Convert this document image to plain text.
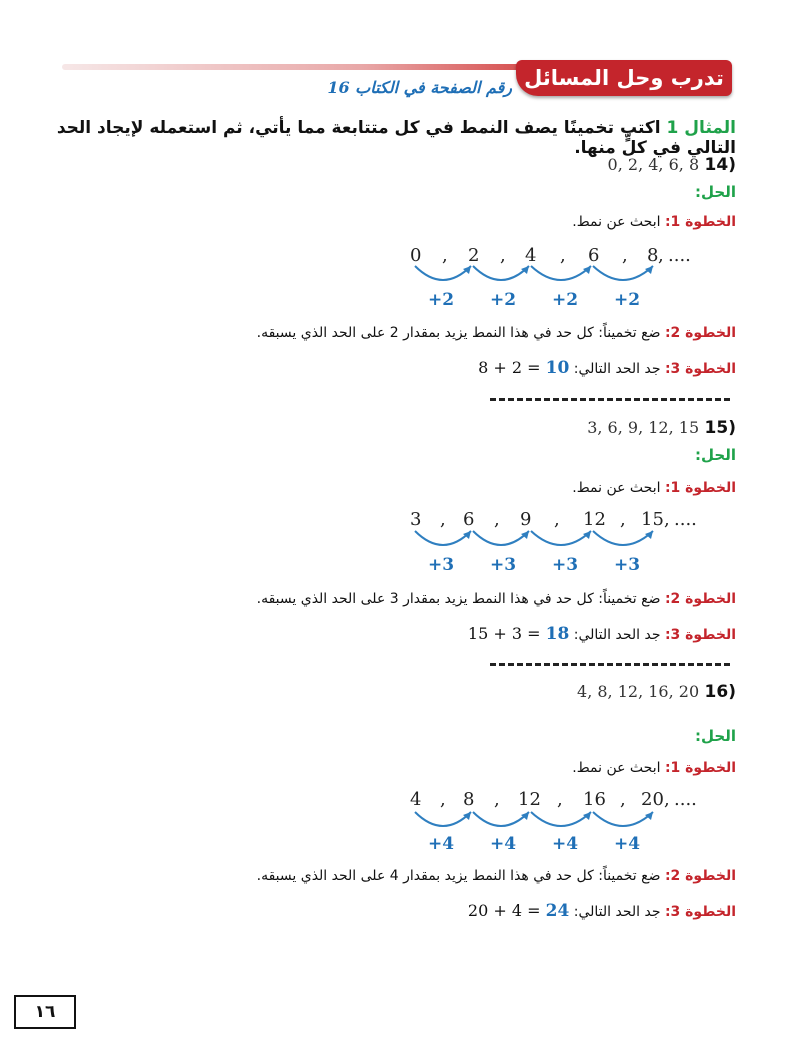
تدرب وحل المسائل
رقم الصفحة في الكتاب 16
المثال 1 اكتب تخمينًا يصف النمط في كل متتابعة مما يأتي، ثم استعمله لإيجاد الحد التالي في كلٍّ منها.
(14 0, 2, 4, 6, 8
الحل:
الخطوة 1: ابحث عن نمط.
0 , 2 , 4 , 6 , 8 , ....
+2 +2 +2 +2
الخطوة 2: ضع تخميناً: كل حد في هذا النمط يزيد بمقدار 2 على الحد الذي يسبقه.
الخطوة 3: جد الحد التالي: 8 + 2 = 10
(15 3, 6, 9, 12, 15
الحل:
الخطوة 1: ابحث عن نمط.
3 , 6 , 9 , 12 , 15 , ....
+3 +3 +3 +3
الخطوة 2: ضع تخميناً: كل حد في هذا النمط يزيد بمقدار 3 على الحد الذي يسبقه.
الخطوة 3: جد الحد التالي: 15 + 3 = 18
(16 4, 8, 12, 16, 20
الحل:
الخطوة 1: ابحث عن نمط.
4 , 8 , 12 , 16 , 20 , ....
+4 +4 +4 +4
الخطوة 2: ضع تخميناً: كل حد في هذا النمط يزيد بمقدار 4 على الحد الذي يسبقه.
الخطوة 3: جد الحد التالي: 20 + 4 = 24
١٦
